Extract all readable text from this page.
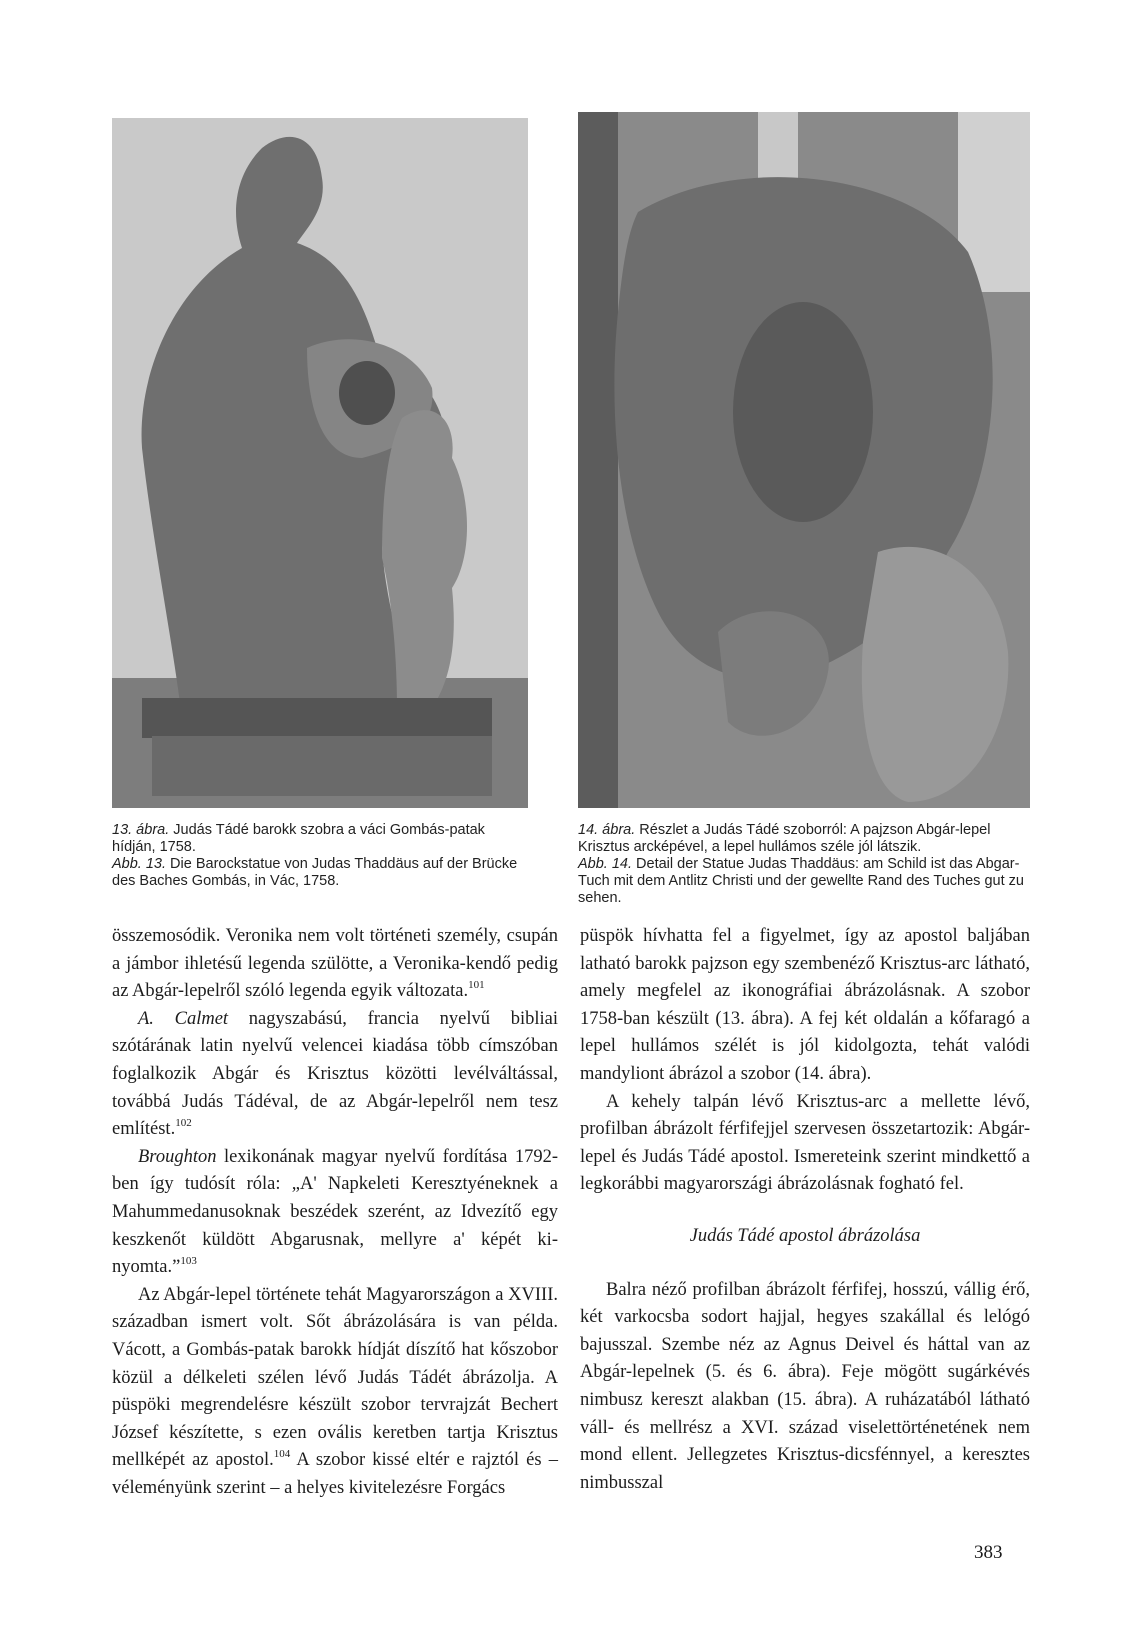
13. ábra. Judás Tádé barokk szobra a váci Gombás-patak hídján, 1758.
Abb. 13. Die Barockstatue von Judas Thaddäus auf der Brücke des Baches Gombás, in Vác, 1758.
14. ábra. Részlet a Judás Tádé szoborról: A pajzson Abgár-lepel Krisztus arcképével, a lepel hullámos széle jól látszik.
Abb. 14. Detail der Statue Judas Thaddäus: am Schild ist das Abgar-Tuch mit dem Antlitz Christi und der gewellte Rand des Tuches gut zu sehen.

összemosódik. Veronika nem volt történeti személy, csupán a jámbor ihletésű legenda szülötte, a Veronika-kendő pedig az Abgár-lepelről szóló legenda egyik változata.$^{101}$

A. Calmet nagyszabású, francia nyelvű bibliai szótárának latin nyelvű velencei kiadása több címszóban foglalkozik Abgár és Krisztus közötti levélváltással, továbbá Judás Tádéval, de az Abgár-lepelről nem tesz említést.$^{102}$

Broughton lexikonának magyar nyelvű fordítása 1792-ben így tudósít róla: „A' Napkeleti Keresztyéneknek a Mahummedanusoknak beszédek szerént, az Idvezítő egy keszkenőt küldött Abgarusnak, mellyre a' képét ki-nyomta.”$^{103}$

Az Abgár-lepel története tehát Magyarországon a XVIII. században ismert volt. Sőt ábrázolására is van példa. Vácott, a Gombás-patak barokk hídját díszítő hat kőszobor közül a délkeleti szélen lévő Judás Tádét ábrázolja. A püspöki megrendelésre készült szobor tervrajzát Bechert József készítette, s ezen ovális keretben tartja Krisztus mellképét az apostol.$^{104}$ A szobor kissé eltér e rajztól és – véleményünk szerint – a helyes kivitelezésre Forgács

püspök hívhatta fel a figyelmet, így az apostol baljában latható barokk pajzson egy szembenéző Krisztus-arc látható, amely megfelel az ikonográfiai ábrázolásnak. A szobor 1758-ban készült (13. ábra). A fej két oldalán a kőfaragó a lepel hullámos szélét is jól kidolgozta, tehát valódi mandyliont ábrázol a szobor (14. ábra).

A kehely talpán lévő Krisztus-arc a mellette lévő, profilban ábrázolt férfifejjel szervesen összetartozik: Abgár-lepel és Judás Tádé apostol. Ismereteink szerint mindkettő a legkorábbi magyarországi ábrázolásnak fogható fel.

Judás Tádé apostol ábrázolása

Balra néző profilban ábrázolt férfifej, hosszú, vállig érő, két varkocsba sodort hajjal, hegyes szakállal és lelógó bajusszal. Szembe néz az Agnus Deivel és háttal van az Abgár-lepelnek (5. és 6. ábra). Feje mögött sugárkévés nimbusz kereszt alakban (15. ábra). A ruházatából látható váll- és mellrész a XVI. század viselettörténetének nem mond ellent. Jellegzetes Krisztus-dicsfénnyel, a keresztes nimbusszal

383
